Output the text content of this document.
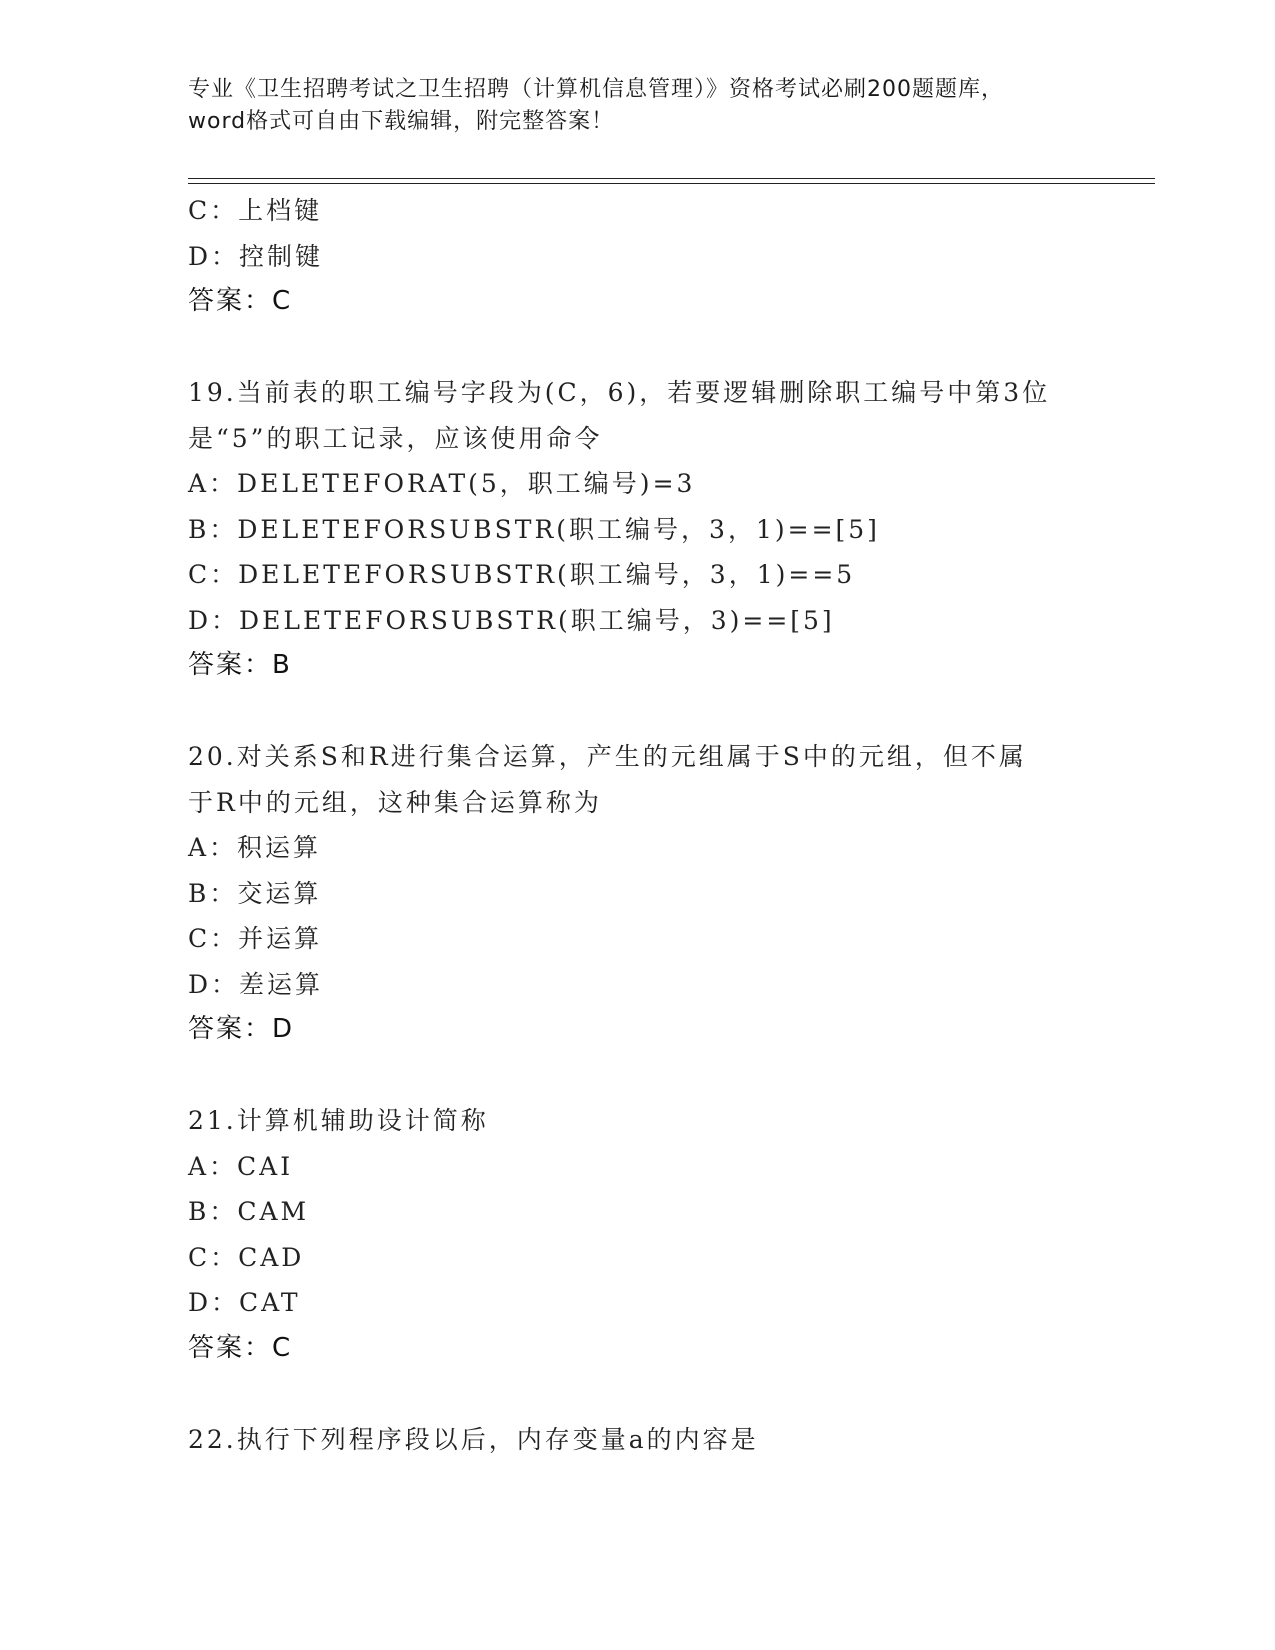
专业《卫生招聘考试之卫生招聘（计算机信息管理）》资格考试必刷200题题库，
word格式可自由下载编辑，附完整答案！
C：上档键
D：控制键
答案：C
19.当前表的职工编号字段为(C，6)，若要逻辑删除职工编号中第3位
是“5”的职工记录，应该使用命令
A：DELETEFORAT(5，职工编号)=3
B：DELETEFORSUBSTR(职工编号，3，1)==[5]
C：DELETEFORSUBSTR(职工编号，3，1)==5
D：DELETEFORSUBSTR(职工编号，3)==[5]
答案：B
20.对关系S和R进行集合运算，产生的元组属于S中的元组，但不属
于R中的元组，这种集合运算称为
A：积运算
B：交运算
C：并运算
D：差运算
答案：D
21.计算机辅助设计简称
A：CAI
B：CAM
C：CAD
D：CAT
答案：C
22.执行下列程序段以后，内存变量a的内容是
